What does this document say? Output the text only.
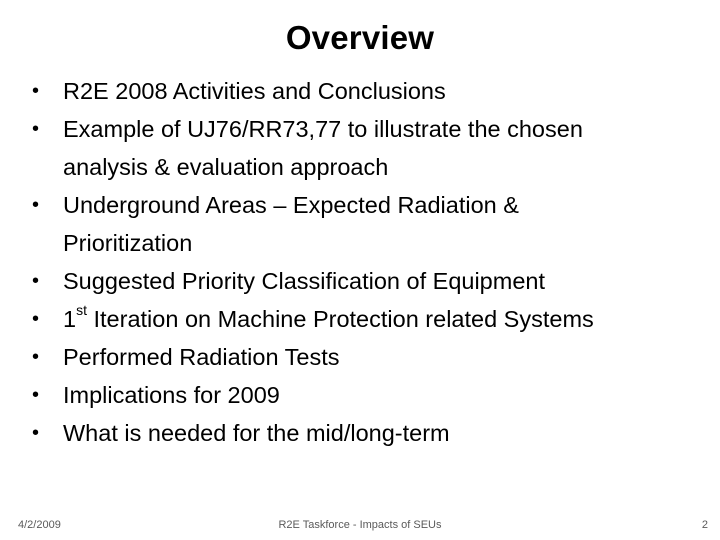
Overview
• R2E 2008 Activities and Conclusions
• Example of UJ76/RR73,77 to illustrate the chosen
analysis & evaluation approach
• Underground Areas – Expected Radiation &
Prioritization
• Suggested Priority Classification of Equipment
• 1st Iteration on Machine Protection related Systems
• Performed Radiation Tests
• Implications for 2009
• What is needed for the mid/long-term
4/2/2009	R2E Taskforce - Impacts of SEUs	2
